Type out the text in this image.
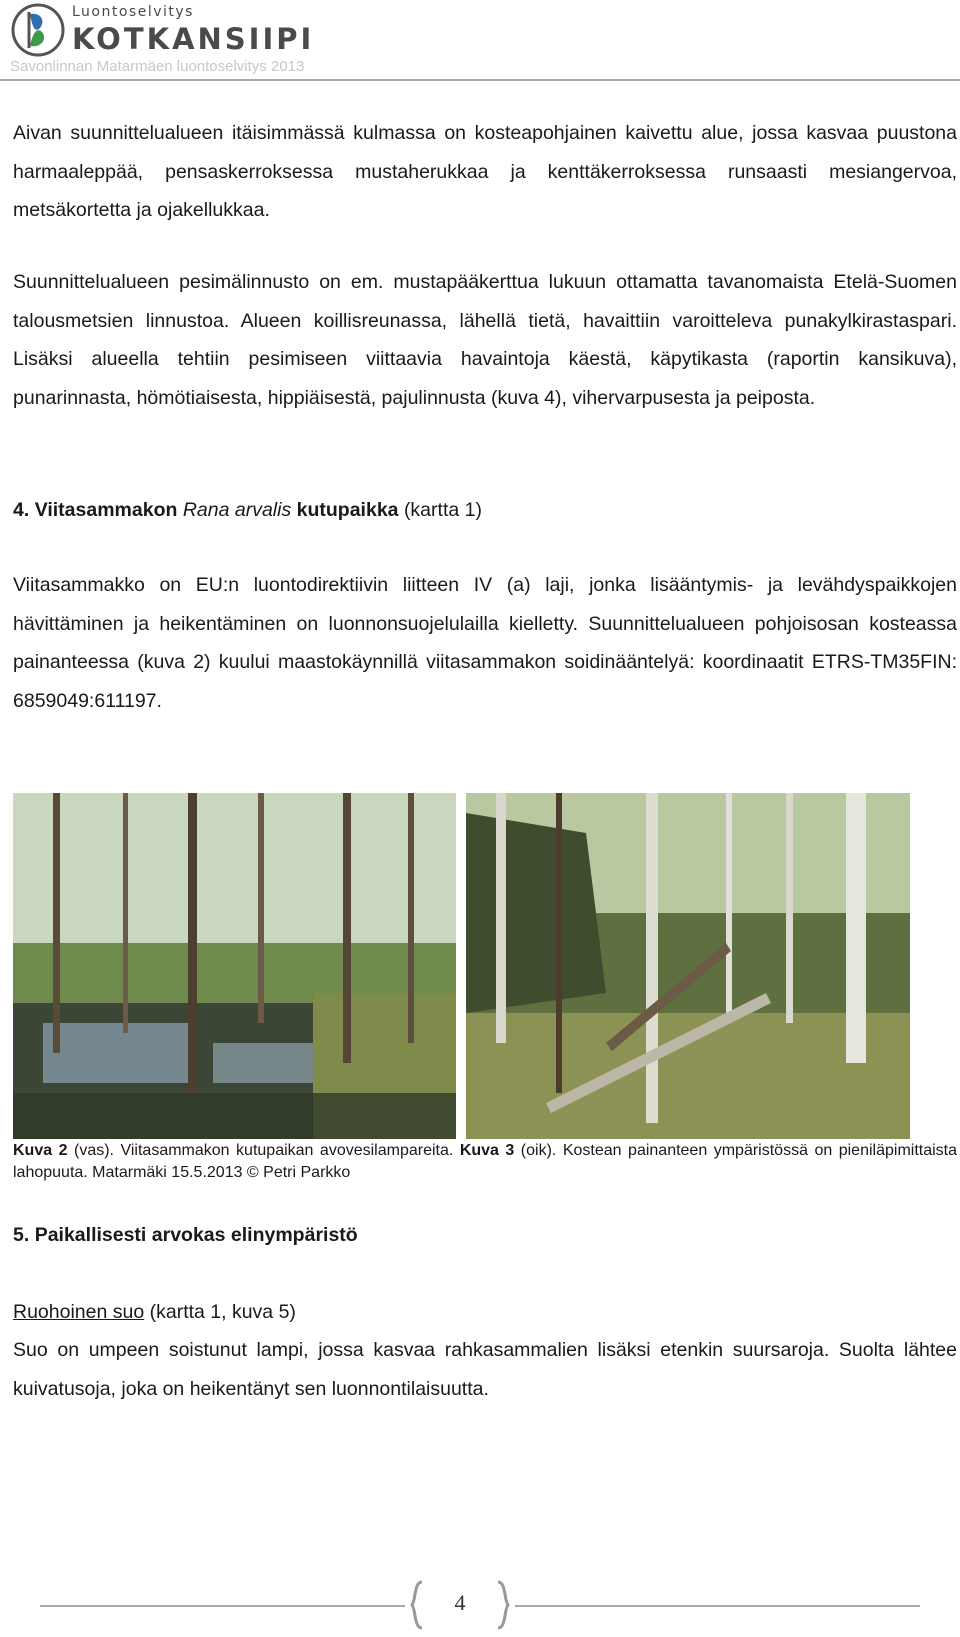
Luontoselvitys
KOTKANSIIPI
Savonlinnan Matarmäen luontoselvitys 2013

Aivan suunnittelualueen itäisimmässä kulmassa on kosteapohjainen kaivettu alue, jossa kasvaa puustona harmaaleppää, pensaskerroksessa mustaherukkaa ja kenttäkerroksessa runsaasti mesiangervoa, metsäkortetta ja ojakellukkaa.

Suunnittelualueen pesimälinnusto on em. mustapääkerttua lukuun ottamatta tavanomaista Etelä-Suomen talousmetsien linnustoa. Alueen koillisreunassa, lähellä tietä, havaittiin varoitteleva punakylkirastaspari. Lisäksi alueella tehtiin pesimiseen viittaavia havaintoja käestä, käpytikasta (raportin kansikuva), punarinnasta, hömötiaisesta, hippiäisestä, pajulinnusta (kuva 4), vihervarpusesta ja peiposta.

4. Viitasammakon Rana arvalis kutupaikka (kartta 1)

Viitasammakko on EU:n luontodirektiivin liitteen IV (a) laji, jonka lisääntymis- ja levähdyspaikkojen hävittäminen ja heikentäminen on luonnonsuojelulailla kielletty. Suunnittelualueen pohjoisosan kosteassa painanteessa (kuva 2) kuului maastokäynnillä viitasammakon soidinääntelyä: koordinaatit ETRS-TM35FIN: 6859049:611197.

Kuva 2 (vas). Viitasammakon kutupaikan avovesilampareita. Kuva 3 (oik). Kostean painanteen ympäristössä on pieniläpimittaista lahopuuta. Matarmäki 15.5.2013 © Petri Parkko

5. Paikallisesti arvokas elinympäristö
Ruohoinen suo (kartta 1, kuva 5)

Suo on umpeen soistunut lampi, jossa kasvaa rahkasammalien lisäksi etenkin suursaroja. Suolta lähtee kuivatusoja, joka on heikentänyt sen luonnontilaisuutta.

4
